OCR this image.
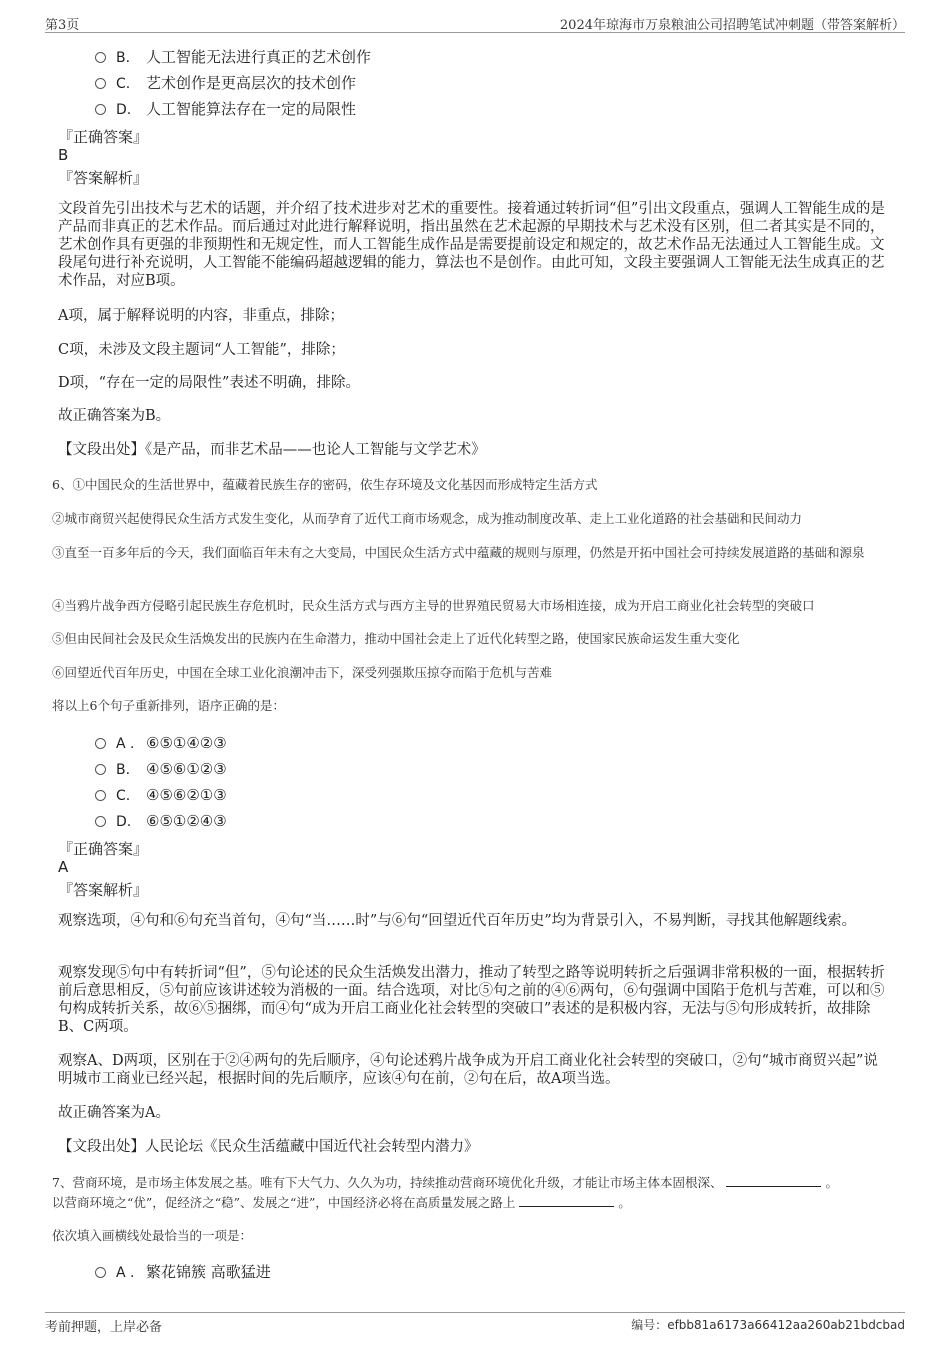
第3页	2024年琼海市万泉粮油公司招聘笔试冲刺题（带答案解析）
B. 人工智能无法进行真正的艺术创作
C. 艺术创作是更高层次的技术创作
D. 人工智能算法存在一定的局限性
『正确答案』
B
『答案解析』
文段首先引出技术与艺术的话题，并介绍了技术进步对艺术的重要性。接着通过转折词“但”引出文段重点，强调人工智能生成的是产品而非真正的艺术作品。而后通过对此进行解释说明，指出虽然在艺术起源的早期技术与艺术没有区别，但二者其实是不同的，艺术创作具有更强的非预期性和无规定性，而人工智能生成作品是需要提前设定和规定的，故艺术作品无法通过人工智能生成。文段尾句进行补充说明，人工智能不能编码超越逻辑的能力，算法也不是创作。由此可知，文段主要强调人工智能无法生成真正的艺术作品，对应B项。
A项，属于解释说明的内容，非重点，排除；
C项，未涉及文段主题词“人工智能”，排除；
D项，“存在一定的局限性”表述不明确，排除。
故正确答案为B。
【文段出处】《是产品，而非艺术品——也论人工智能与文学艺术》
6、①中国民众的生活世界中，蕴藏着民族生存的密码，依生存环境及文化基因而形成特定生活方式
②城市商贸兴起使得民众生活方式发生变化，从而孕育了近代工商市场观念，成为推动制度改革、走上工业化道路的社会基础和民间动力
③直至一百多年后的今天，我们面临百年未有之大变局，中国民众生活方式中蕴藏的规则与原理，仍然是开拓中国社会可持续发展道路的基础和源泉
④当鸦片战争西方侵略引起民族生存危机时，民众生活方式与西方主导的世界殖民贸易大市场相连接，成为开启工商业化社会转型的突破口
⑤但由民间社会及民众生活焕发出的民族内在生命潜力，推动中国社会走上了近代化转型之路，使国家民族命运发生重大变化
⑥回望近代百年历史，中国在全球工业化浪潮冲击下，深受列强欺压掠夺而陷于危机与苦难
将以上6个句子重新排列，语序正确的是：
A . ⑥⑤①④②③
B. ④⑤⑥①②③
C. ④⑤⑥②①③
D. ⑥⑤①②④③
『正确答案』
A
『答案解析』
观察选项，④句和⑥句充当首句，④句“当……时”与⑥句“回望近代百年历史”均为背景引入，不易判断，寻找其他解题线索。
观察发现⑤句中有转折词“但”，⑤句论述的民众生活焕发出潜力，推动了转型之路等说明转折之后强调非常积极的一面，根据转折前后意思相反，⑤句前应该讲述较为消极的一面。结合选项，对比⑤句之前的④⑥两句，⑥句强调中国陷于危机与苦难，可以和⑤句构成转折关系，故⑥⑤捆绑，而④句“成为开启工商业化社会转型的突破口”表述的是积极内容，无法与⑤句形成转折，故排除B、C两项。
观察A、D两项，区别在于②④两句的先后顺序，④句论述鸦片战争成为开启工商业化社会转型的突破口，②句“城市商贸兴起”说明城市工商业已经兴起，根据时间的先后顺序，应该④句在前，②句在后，故A项当选。
故正确答案为A。
【文段出处】人民论坛《民众生活蕴藏中国近代社会转型内潜力》
7、营商环境，是市场主体发展之基。唯有下大气力、久久为功，持续推动营商环境优化升级，才能让市场主体本固根深、	。
以营商环境之“优”，促经济之“稳”、发展之“进”，中国经济必将在高质量发展之路上	。
依次填入画横线处最恰当的一项是：
A . 繁花锦簇 高歌猛进
考前押题，上岸必备	编号：efbb81a6173a66412aa260ab21bdcbad
